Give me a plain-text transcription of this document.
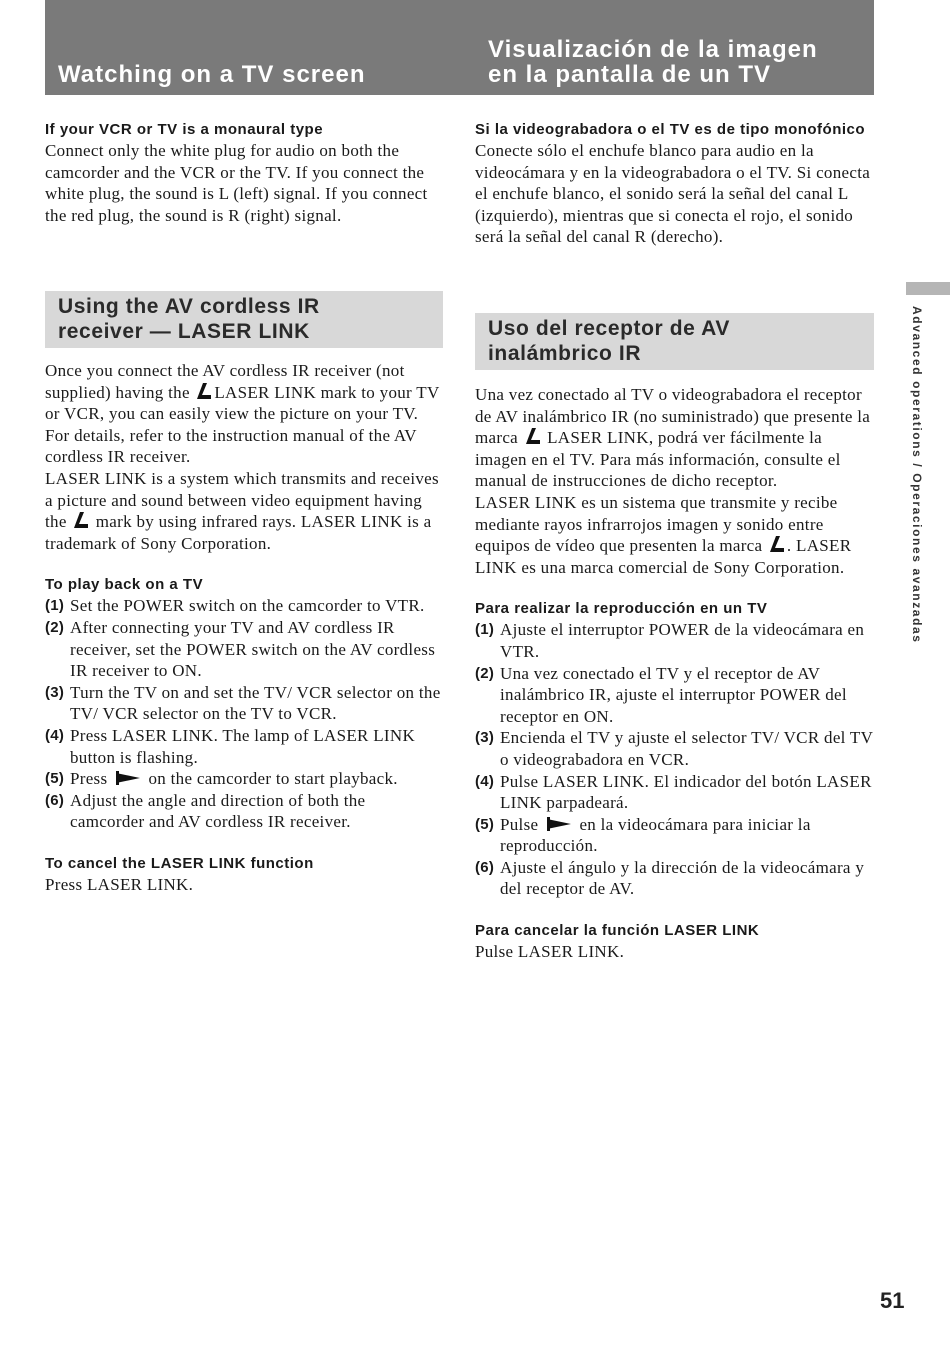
Watching on a TV screen
Visualización de la imagen
en la pantalla de un TV

If your VCR or TV is a monaural type

Connect only the white plug for audio on both the camcorder and the VCR or the TV. If you connect the white plug, the sound is L (left) signal. If you connect the red plug, the sound is R (right) signal.

Using the AV cordless IR
receiver — LASER LINK

Once you connect the AV cordless IR receiver (not supplied) having the LASER LINK mark to your TV or VCR, you can easily view the picture on your TV. For details, refer to the instruction manual of the AV cordless IR receiver.

LASER LINK is a system which transmits and receives a picture and sound between video equipment having the  mark by using infrared rays. LASER LINK is a trademark of Sony Corporation.

To play back on a TV

(1) Set the POWER switch on the camcorder to VTR.
(2) After connecting your TV and AV cordless IR receiver, set the POWER switch on the AV cordless IR receiver to ON.
(3) Turn the TV on and set the TV/ VCR selector on the TV/ VCR selector on the TV to VCR.
(4) Press LASER LINK. The lamp of LASER LINK button is flashing.
(5) Press  on the camcorder to start playback.
(6) Adjust the angle and direction of both the camcorder and AV cordless IR receiver.

To cancel the LASER LINK function

Press LASER LINK.

Si la videograbadora o el TV es de tipo monofónico

Conecte sólo el enchufe blanco para audio en la videocámara y en la videograbadora o el TV. Si conecta el enchufe blanco, el sonido será la señal del canal L (izquierdo), mientras que si conecta el rojo, el sonido será la señal del canal R (derecho).

Uso del receptor de AV
inalámbrico IR

Una vez conectado al TV o videograbadora el receptor de AV inalámbrico IR (no suministrado) que presente la marca  LASER LINK, podrá ver fácilmente la imagen en el TV. Para más información, consulte el manual de instrucciones de dicho receptor.

LASER LINK es un sistema que transmite y recibe mediante rayos infrarrojos imagen y sonido entre equipos de vídeo que presenten la marca . LASER LINK es una marca comercial de Sony Corporation.

Para realizar la reproducción en un TV

(1) Ajuste el interruptor POWER de la videocámara en VTR.
(2) Una vez conectado el TV y el receptor de AV inalámbrico IR, ajuste el interruptor POWER del receptor en ON.
(3) Encienda el TV y ajuste el selector TV/ VCR del TV o videograbadora en VCR.
(4) Pulse LASER LINK. El indicador del botón LASER LINK parpadeará.
(5) Pulse  en la videocámara para iniciar la reproducción.
(6) Ajuste el ángulo y la dirección de la videocámara y del receptor de AV.

Para cancelar la función LASER LINK

Pulse LASER LINK.

Advanced operations / Operaciones avanzadas
51
